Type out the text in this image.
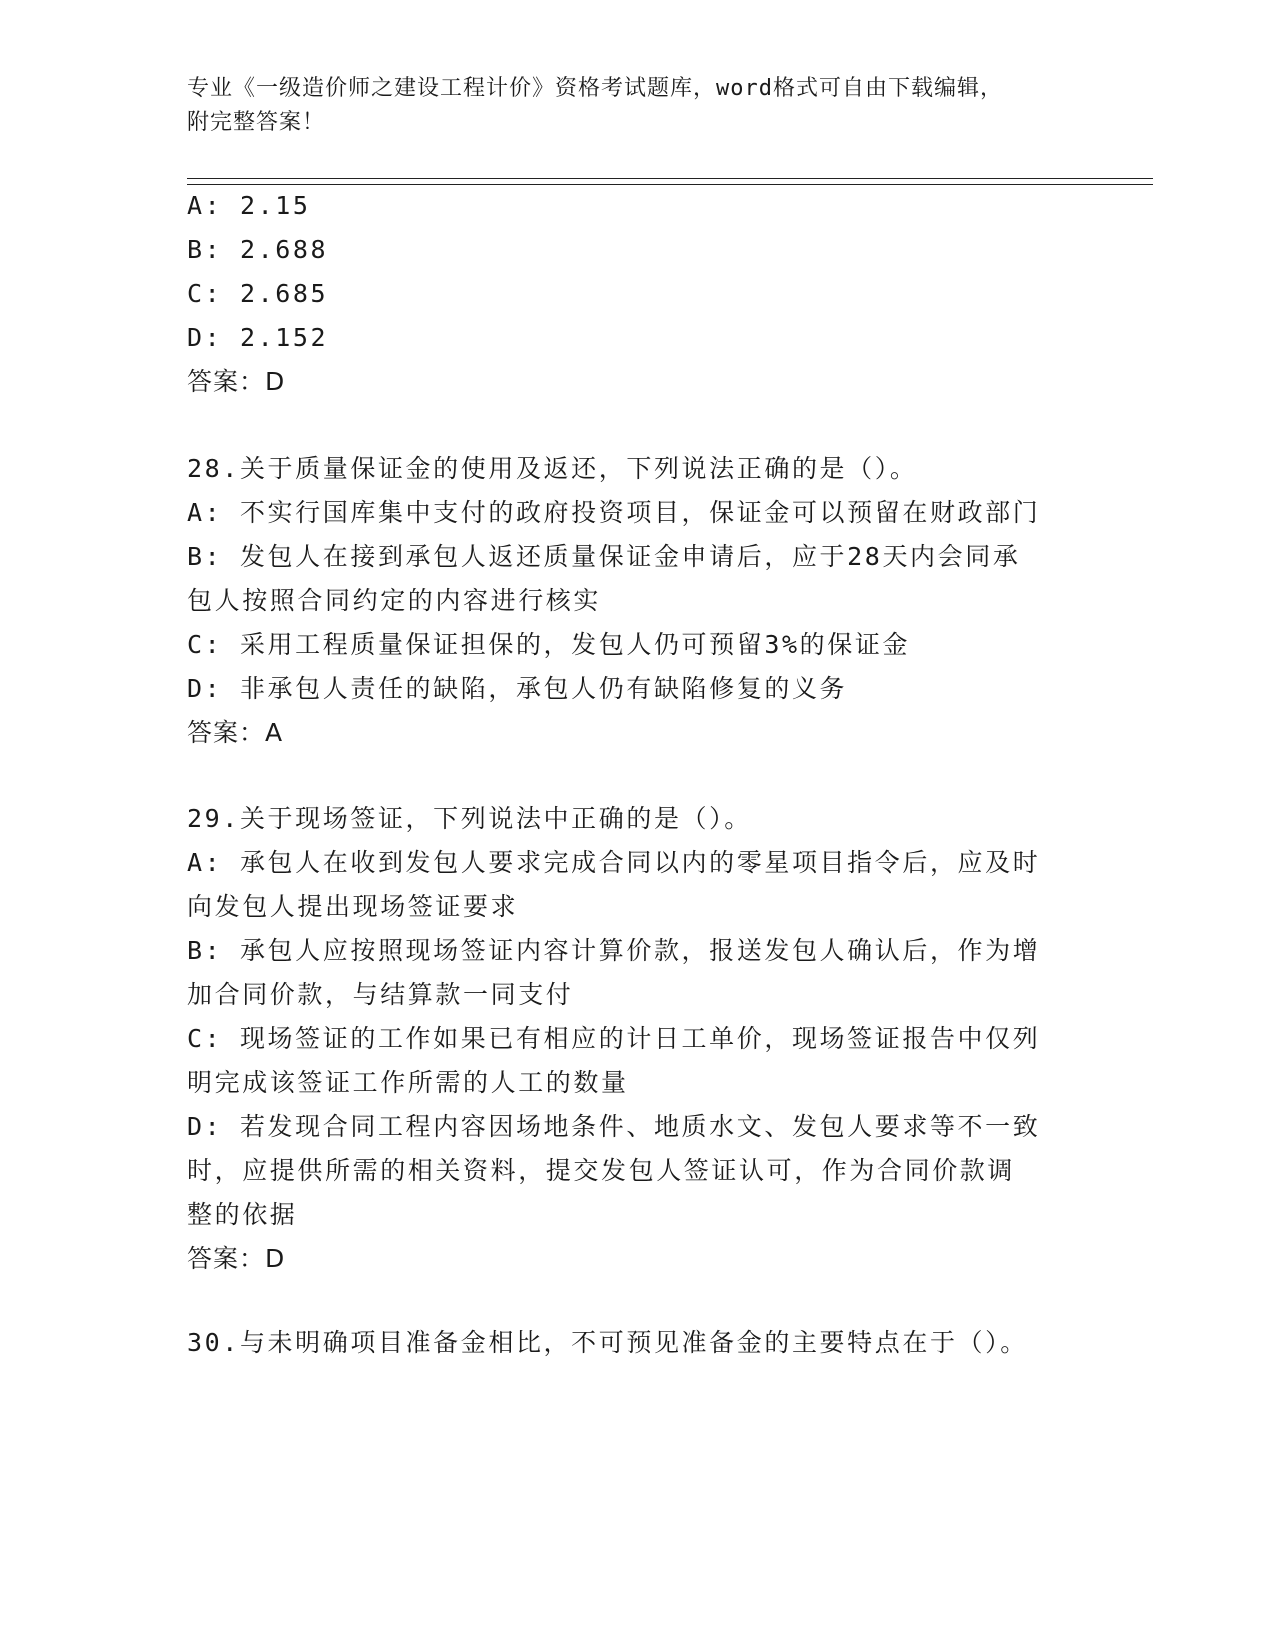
专业《一级造价师之建设工程计价》资格考试题库，word格式可自由下载编辑，
附完整答案！
A: 2.15
B: 2.688
C: 2.685
D: 2.152
答案：D
28.关于质量保证金的使用及返还，下列说法正确的是（）。
A: 不实行国库集中支付的政府投资项目，保证金可以预留在财政部门
B: 发包人在接到承包人返还质量保证金申请后，应于28天内会同承
包人按照合同约定的内容进行核实
C: 采用工程质量保证担保的，发包人仍可预留3%的保证金
D: 非承包人责任的缺陷，承包人仍有缺陷修复的义务
答案：A
29.关于现场签证，下列说法中正确的是（）。
A: 承包人在收到发包人要求完成合同以内的零星项目指令后，应及时
向发包人提出现场签证要求
B: 承包人应按照现场签证内容计算价款，报送发包人确认后，作为增
加合同价款，与结算款一同支付
C: 现场签证的工作如果已有相应的计日工单价，现场签证报告中仅列
明完成该签证工作所需的人工的数量
D: 若发现合同工程内容因场地条件、地质水文、发包人要求等不一致
时，应提供所需的相关资料，提交发包人签证认可，作为合同价款调
整的依据
答案：D
30.与未明确项目准备金相比，不可预见准备金的主要特点在于（）。
